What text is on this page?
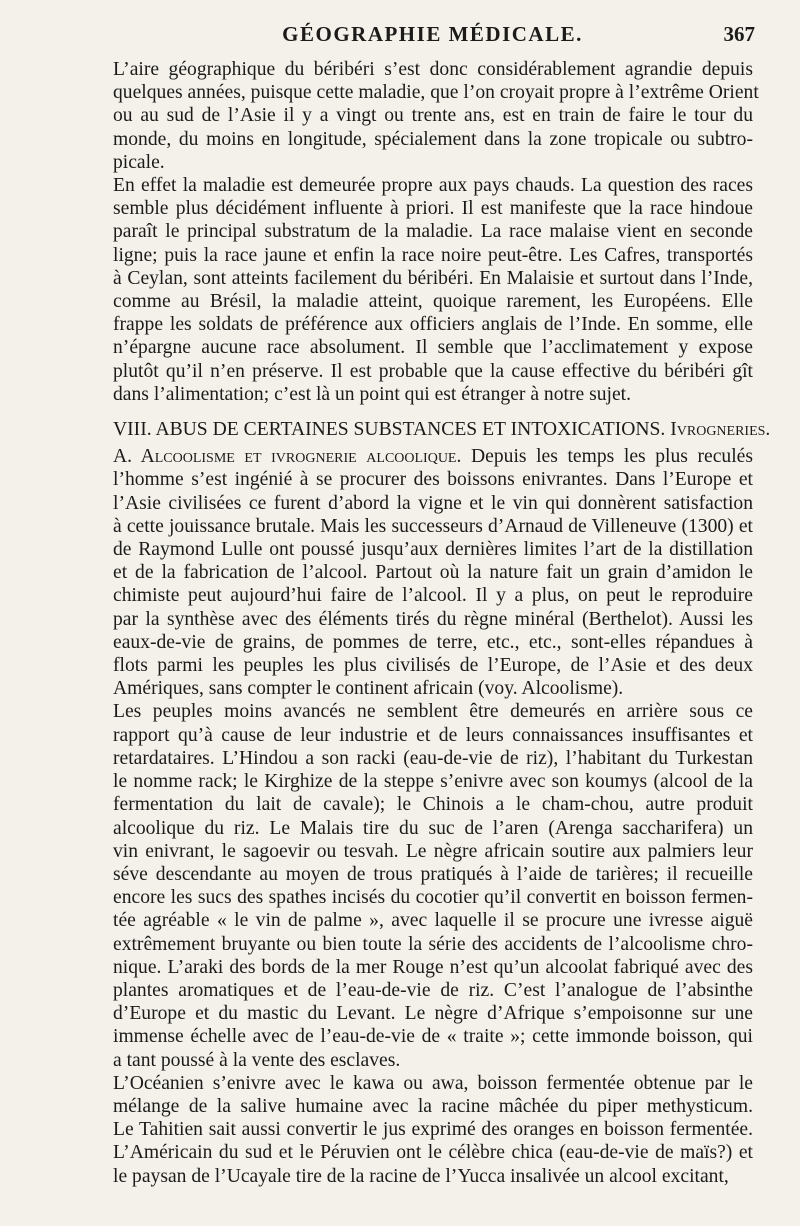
GÉOGRAPHIE MÉDICALE.	367

L’aire géographique du béribéri s’est donc considérablement agrandie depuis
quelques années, puisque cette maladie, que l’on croyait propre à l’extrême Orient
ou au sud de l’Asie il y a vingt ou trente ans, est en train de faire le tour du
monde, du moins en longitude, spécialement dans la zone tropicale ou subtro-
picale.

En effet la maladie est demeurée propre aux pays chauds. La question des races
semble plus décidément influente à priori. Il est manifeste que la race hindoue
paraît le principal substratum de la maladie. La race malaise vient en seconde
ligne; puis la race jaune et enfin la race noire peut-être. Les Cafres, transportés
à Ceylan, sont atteints facilement du béribéri. En Malaisie et surtout dans l’Inde,
comme au Brésil, la maladie atteint, quoique rarement, les Européens. Elle
frappe les soldats de préférence aux officiers anglais de l’Inde. En somme, elle
n’épargne aucune race absolument. Il semble que l’acclimatement y expose
plutôt qu’il n’en préserve. Il est probable que la cause effective du béribéri gît
dans l’alimentation; c’est là un point qui est étranger à notre sujet.

VIII. ABUS DE CERTAINES SUBSTANCES ET INTOXICATIONS. Ivrogneries.

A. Alcoolisme et ivrognerie alcoolique. Depuis les temps les plus reculés
l’homme s’est ingénié à se procurer des boissons enivrantes. Dans l’Europe et
l’Asie civilisées ce furent d’abord la vigne et le vin qui donnèrent satisfaction
à cette jouissance brutale. Mais les successeurs d’Arnaud de Villeneuve (1300) et
de Raymond Lulle ont poussé jusqu’aux dernières limites l’art de la distillation
et de la fabrication de l’alcool. Partout où la nature fait un grain d’amidon le
chimiste peut aujourd’hui faire de l’alcool. Il y a plus, on peut le reproduire
par la synthèse avec des éléments tirés du règne minéral (Berthelot). Aussi les
eaux-de-vie de grains, de pommes de terre, etc., etc., sont-elles répandues à
flots parmi les peuples les plus civilisés de l’Europe, de l’Asie et des deux
Amériques, sans compter le continent africain (voy. Alcoolisme).

Les peuples moins avancés ne semblent être demeurés en arrière sous ce
rapport qu’à cause de leur industrie et de leurs connaissances insuffisantes et
retardataires. L’Hindou a son racki (eau-de-vie de riz), l’habitant du Turkestan
le nomme rack; le Kirghize de la steppe s’enivre avec son koumys (alcool de la
fermentation du lait de cavale); le Chinois a le cham-chou, autre produit
alcoolique du riz. Le Malais tire du suc de l’aren (Arenga saccharifera) un
vin enivrant, le sagoevir ou tesvah. Le nègre africain soutire aux palmiers leur
séve descendante au moyen de trous pratiqués à l’aide de tarières; il recueille
encore les sucs des spathes incisés du cocotier qu’il convertit en boisson fermen-
tée agréable « le vin de palme », avec laquelle il se procure une ivresse aiguë
extrêmement bruyante ou bien toute la série des accidents de l’alcoolisme chro-
nique. L’araki des bords de la mer Rouge n’est qu’un alcoolat fabriqué avec des
plantes aromatiques et de l’eau-de-vie de riz. C’est l’analogue de l’absinthe
d’Europe et du mastic du Levant. Le nègre d’Afrique s’empoisonne sur une
immense échelle avec de l’eau-de-vie de « traite »; cette immonde boisson, qui
a tant poussé à la vente des esclaves.

L’Océanien s’enivre avec le kawa ou awa, boisson fermentée obtenue par le
mélange de la salive humaine avec la racine mâchée du piper methysticum.
Le Tahitien sait aussi convertir le jus exprimé des oranges en boisson fermentée.
L’Américain du sud et le Péruvien ont le célèbre chica (eau-de-vie de maïs?) et
le paysan de l’Ucayale tire de la racine de l’Yucca insalivée un alcool excitant,
